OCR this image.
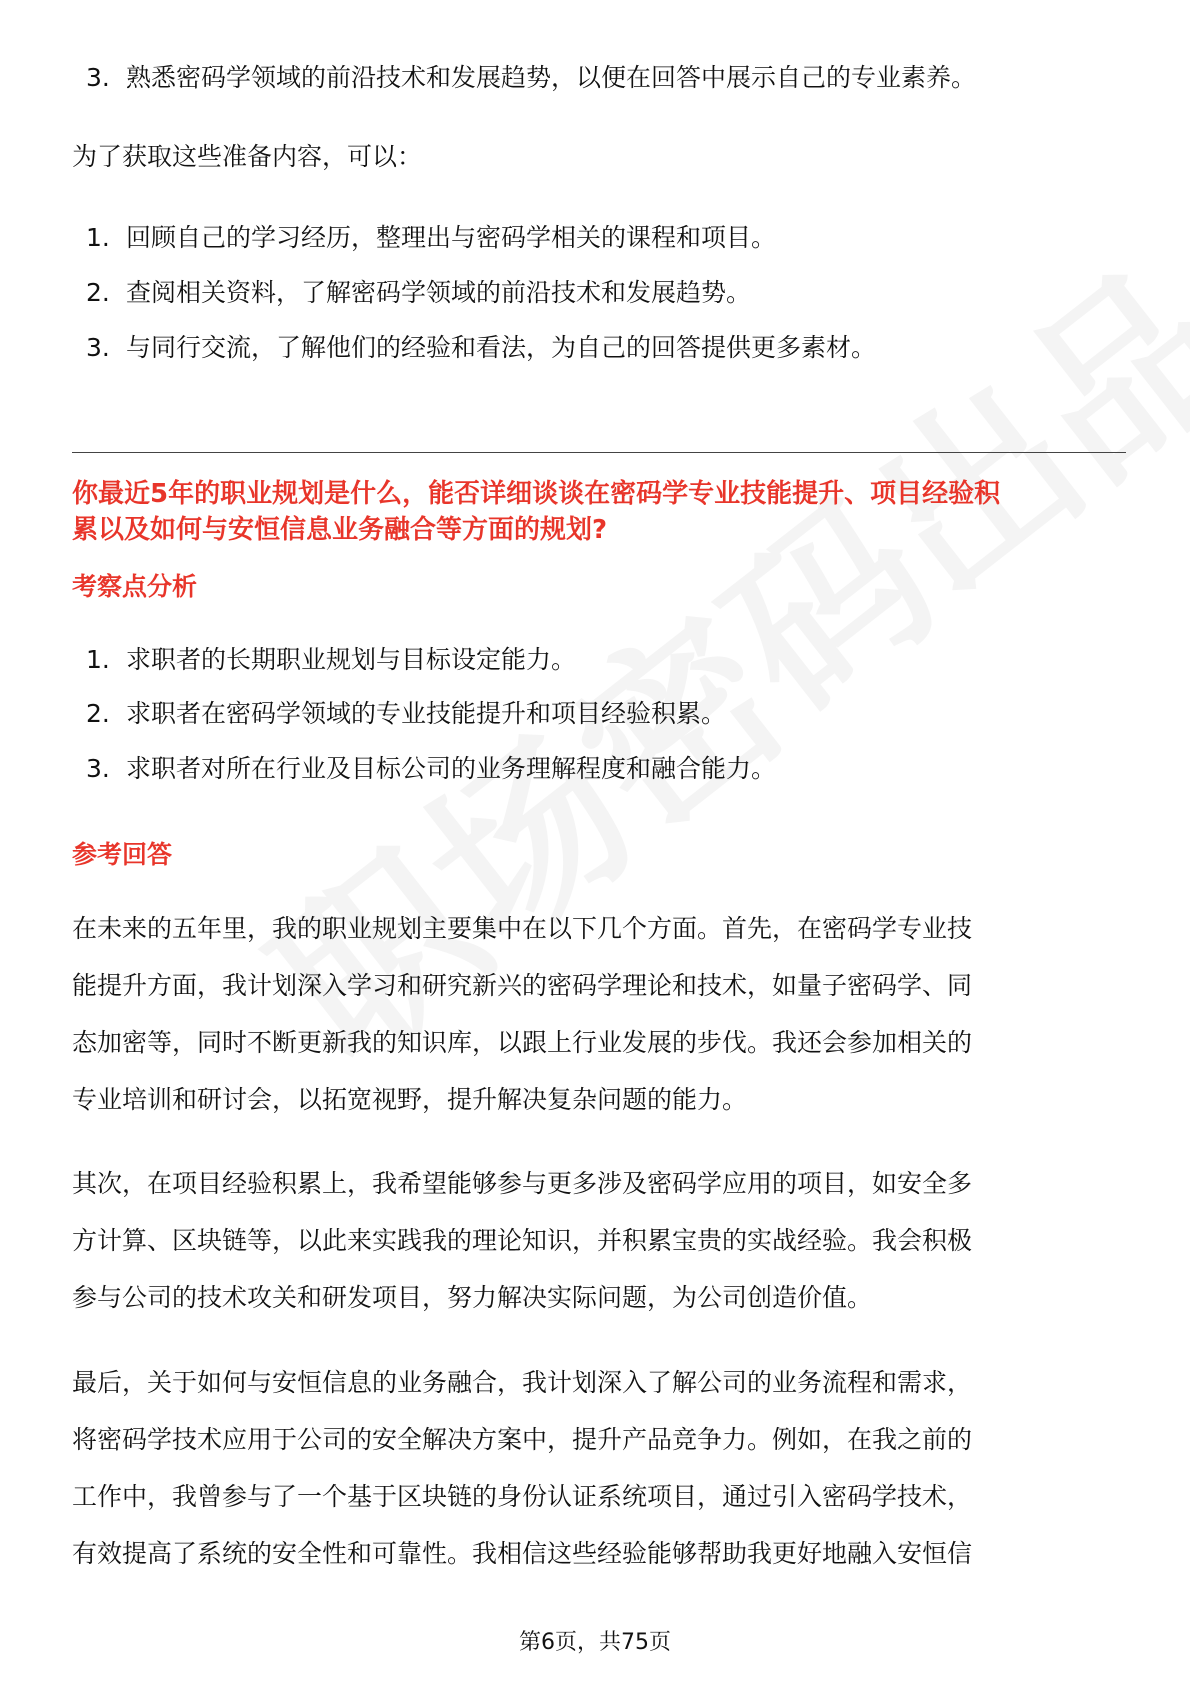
3. 熟悉密码学领域的前沿技术和发展趋势，以便在回答中展示自己的专业素养。
为了获取这些准备内容，可以：
1. 回顾自己的学习经历，整理出与密码学相关的课程和项目。
2. 查阅相关资料，了解密码学领域的前沿技术和发展趋势。
3. 与同行交流，了解他们的经验和看法，为自己的回答提供更多素材。
你最近5年的职业规划是什么，能否详细谈谈在密码学专业技能提升、项目经验积
累以及如何与安恒信息业务融合等方面的规划?
考察点分析
1. 求职者的长期职业规划与目标设定能力。
2. 求职者在密码学领域的专业技能提升和项目经验积累。
3. 求职者对所在行业及目标公司的业务理解程度和融合能力。
参考回答
在未来的五年里，我的职业规划主要集中在以下几个方面。首先，在密码学专业技
能提升方面，我计划深入学习和研究新兴的密码学理论和技术，如量子密码学、同
态加密等，同时不断更新我的知识库，以跟上行业发展的步伐。我还会参加相关的
专业培训和研讨会，以拓宽视野，提升解决复杂问题的能力。
其次，在项目经验积累上，我希望能够参与更多涉及密码学应用的项目，如安全多
方计算、区块链等，以此来实践我的理论知识，并积累宝贵的实战经验。我会积极
参与公司的技术攻关和研发项目，努力解决实际问题，为公司创造价值。
最后，关于如何与安恒信息的业务融合，我计划深入了解公司的业务流程和需求，
将密码学技术应用于公司的安全解决方案中，提升产品竞争力。例如，在我之前的
工作中，我曾参与了一个基于区块链的身份认证系统项目，通过引入密码学技术，
有效提高了系统的安全性和可靠性。我相信这些经验能够帮助我更好地融入安恒信
第6页，共75页
